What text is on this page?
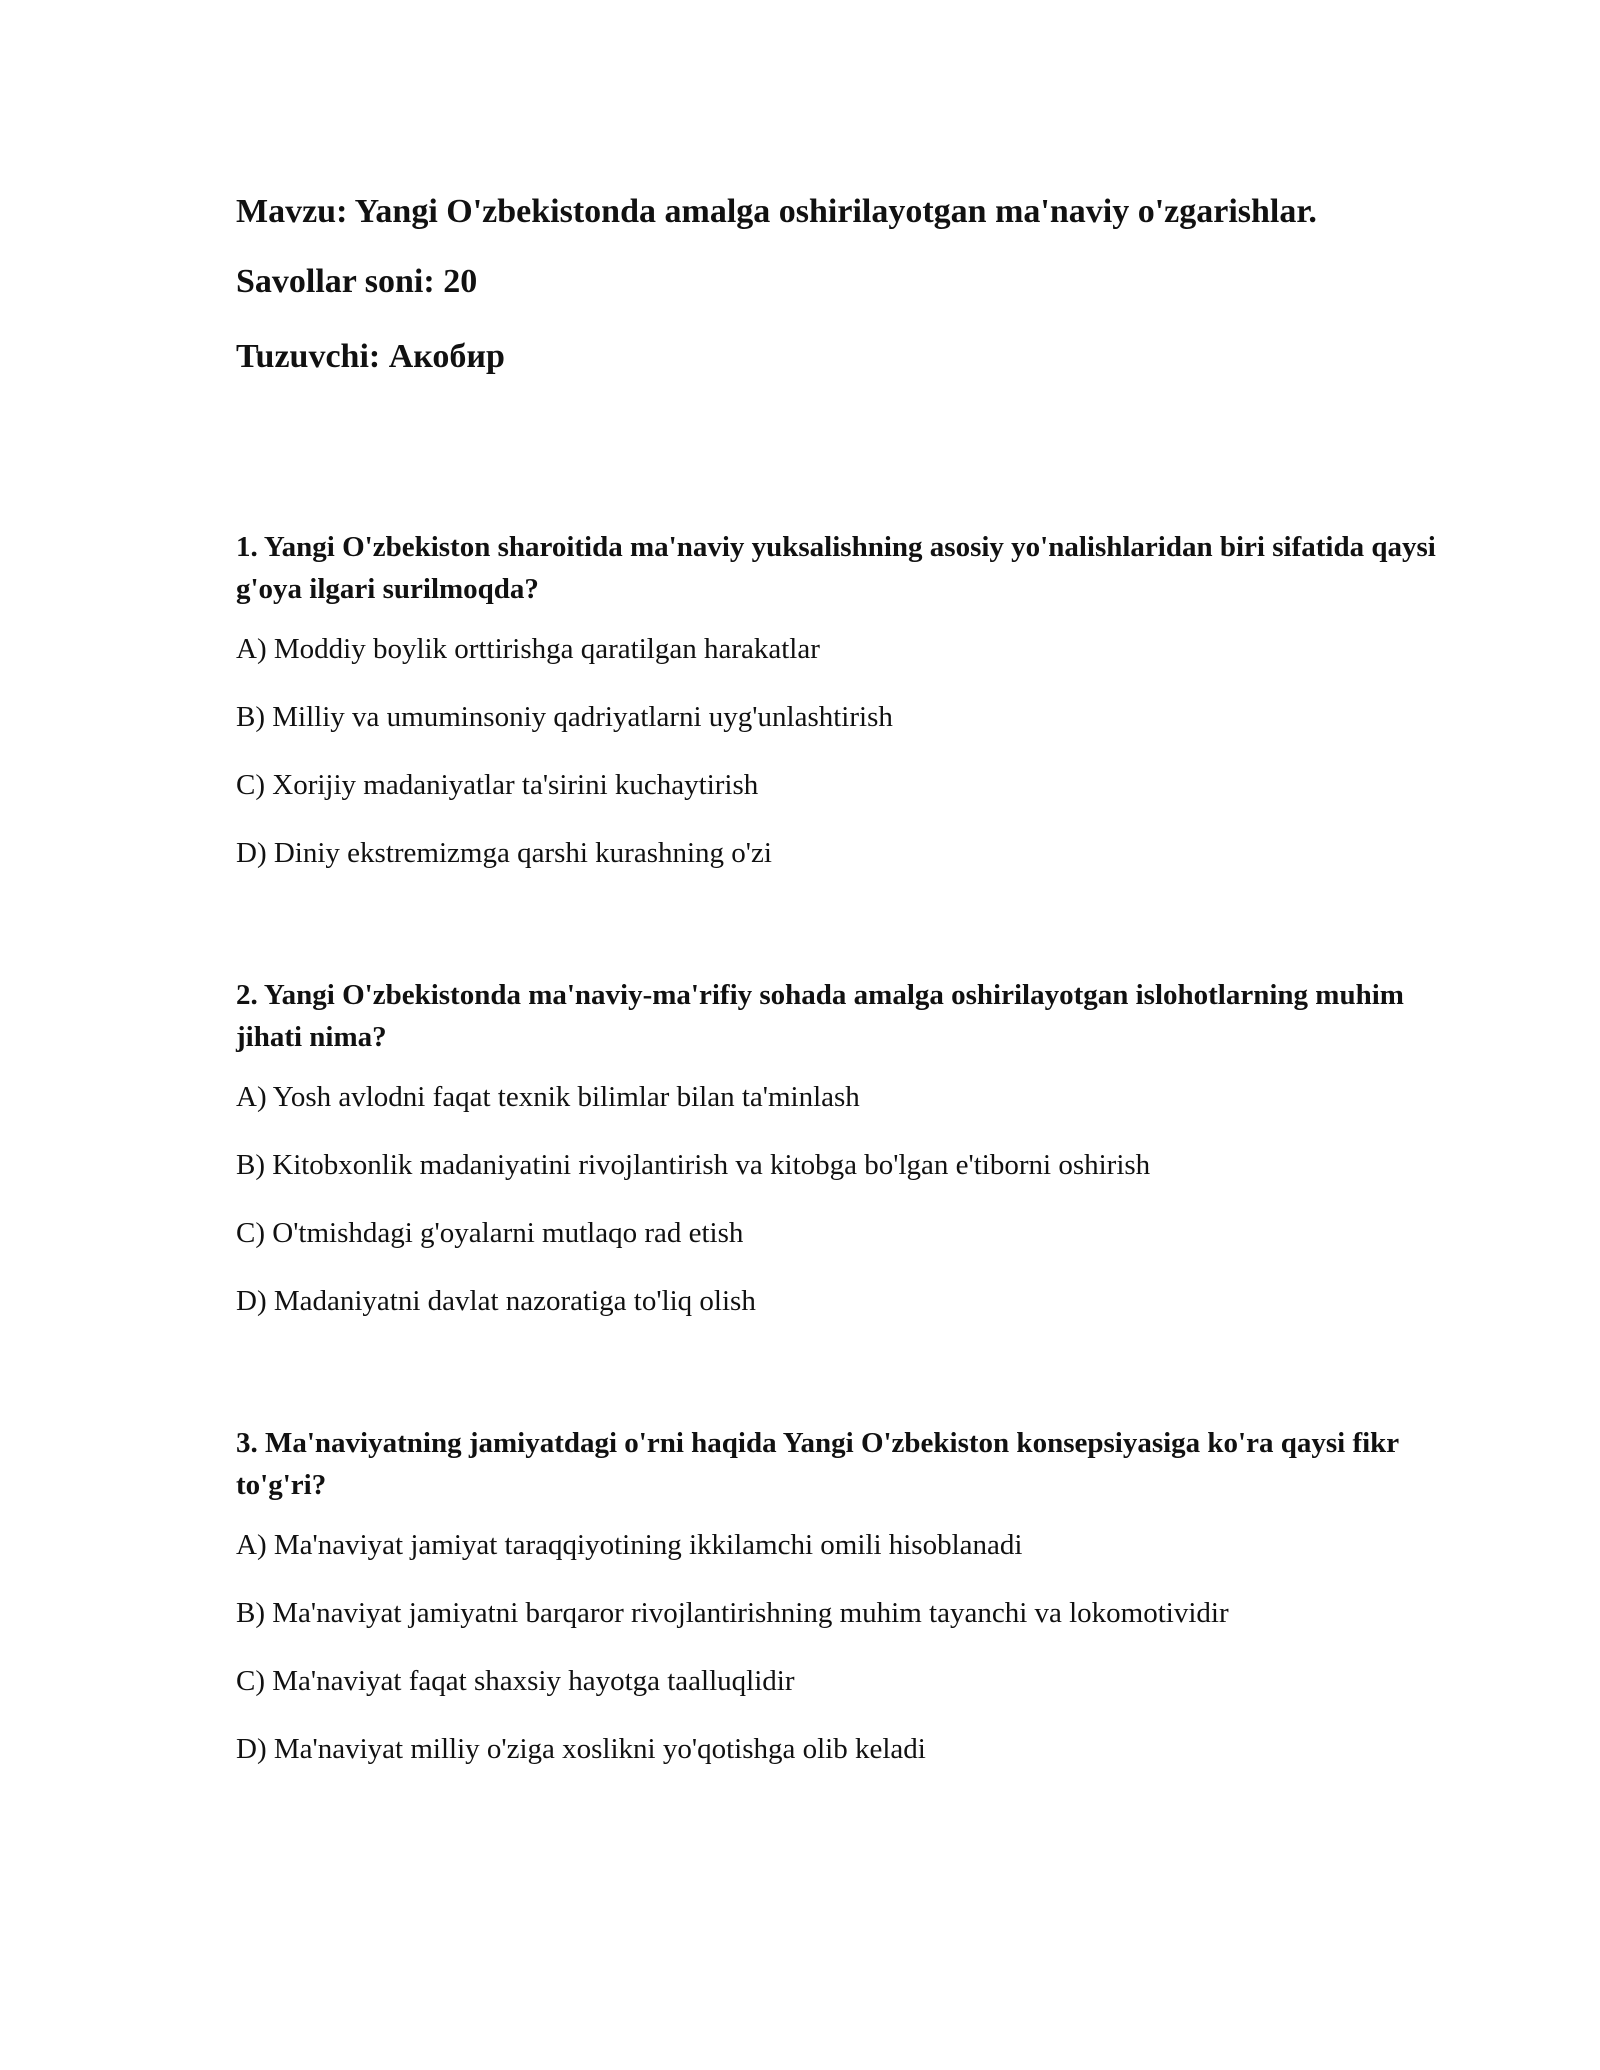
Mavzu: Yangi O'zbekistonda amalga oshirilayotgan ma'naviy o'zgarishlar.

Savollar soni: 20

Tuzuvchi: Акобир

1. Yangi O'zbekiston sharoitida ma'naviy yuksalishning asosiy yo'nalishlaridan biri sifatida qaysi g'oya ilgari surilmoqda?

A) Moddiy boylik orttirishga qaratilgan harakatlar

B) Milliy va umuminsoniy qadriyatlarni uyg'unlashtirish

C) Xorijiy madaniyatlar ta'sirini kuchaytirish

D) Diniy ekstremizmga qarshi kurashning o'zi

2. Yangi O'zbekistonda ma'naviy-ma'rifiy sohada amalga oshirilayotgan islohotlarning muhim jihati nima?

A) Yosh avlodni faqat texnik bilimlar bilan ta'minlash

B) Kitobxonlik madaniyatini rivojlantirish va kitobga bo'lgan e'tiborni oshirish

C) O'tmishdagi g'oyalarni mutlaqo rad etish

D) Madaniyatni davlat nazoratiga to'liq olish

3. Ma'naviyatning jamiyatdagi o'rni haqida Yangi O'zbekiston konsepsiyasiga ko'ra qaysi fikr to'g'ri?

A) Ma'naviyat jamiyat taraqqiyotining ikkilamchi omili hisoblanadi

B) Ma'naviyat jamiyatni barqaror rivojlantirishning muhim tayanchi va lokomotividir

C) Ma'naviyat faqat shaxsiy hayotga taalluqlidir

D) Ma'naviyat milliy o'ziga xoslikni yo'qotishga olib keladi
